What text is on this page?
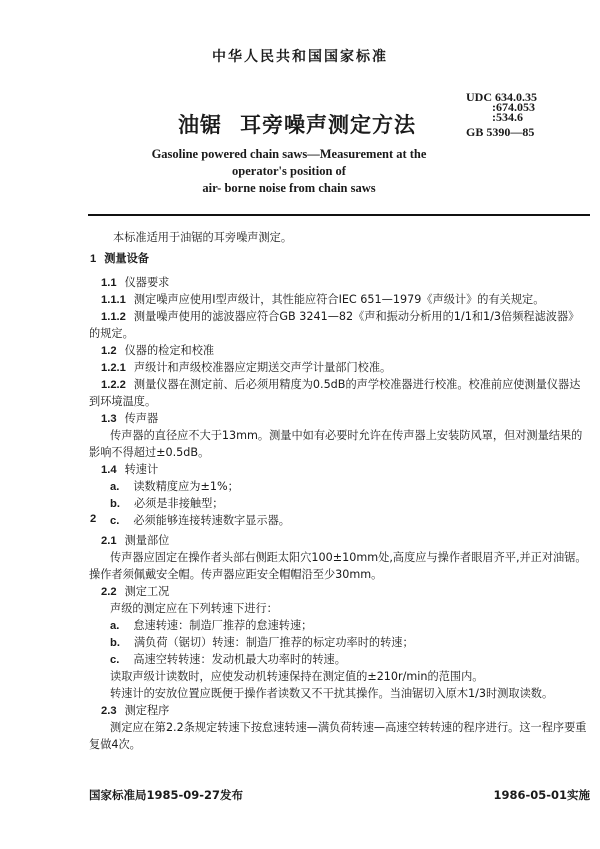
中华人民共和国国家标准
油锯 耳旁噪声测定方法
UDC 634.0.35
:674.053
:534.6
GB 5390—85
Gasoline powered chain saws—Measurement at the
operator's position of
air- borne noise from chain saws
本标准适用于油锯的耳旁噪声测定。
1 测量设备
1.1 仪器要求
1.1.1 测定噪声应使用I型声级计，其性能应符合IEC 651—1979《声级计》的有关规定。
1.1.2 测量噪声使用的滤波器应符合GB 3241—82《声和振动分析用的1/1和1/3倍频程滤波器》
的规定。
1.2 仪器的检定和校准
1.2.1 声级计和声级校准器应定期送交声学计量部门校准。
1.2.2 测量仪器在测定前、后必须用精度为0.5dB的声学校准器进行校准。校准前应使测量仪器达
到环境温度。
1.3 传声器
传声器的直径应不大于13mm。测量中如有必要时允许在传声器上安装防风罩，但对测量结果的
影响不得超过±0.5dB。
1.4 转速计
a. 读数精度应为±1%；
b. 必须是非接触型；
c. 必须能够连接转速数字显示器。
2
2.1 测量部位
传声器应固定在操作者头部右侧距太阳穴100±10mm处,高度应与操作者眼眉齐平,并正对油锯。
操作者须佩戴安全帽。传声器应距安全帽帽沿至少30mm。
2.2 测定工况
声级的测定应在下列转速下进行：
a. 怠速转速：制造厂推荐的怠速转速；
b. 满负荷（锯切）转速：制造厂推荐的标定功率时的转速；
c. 高速空转转速：发动机最大功率时的转速。
读取声级计读数时，应使发动机转速保持在测定值的±210r/min的范围内。
转速计的安放位置应既便于操作者读数又不干扰其操作。当油锯切入原木1/3时测取读数。
2.3 测定程序
测定应在第2.2条规定转速下按怠速转速—满负荷转速—高速空转转速的程序进行。这一程序要重
复做4次。
国家标准局1985-09-27发布	1986-05-01实施
